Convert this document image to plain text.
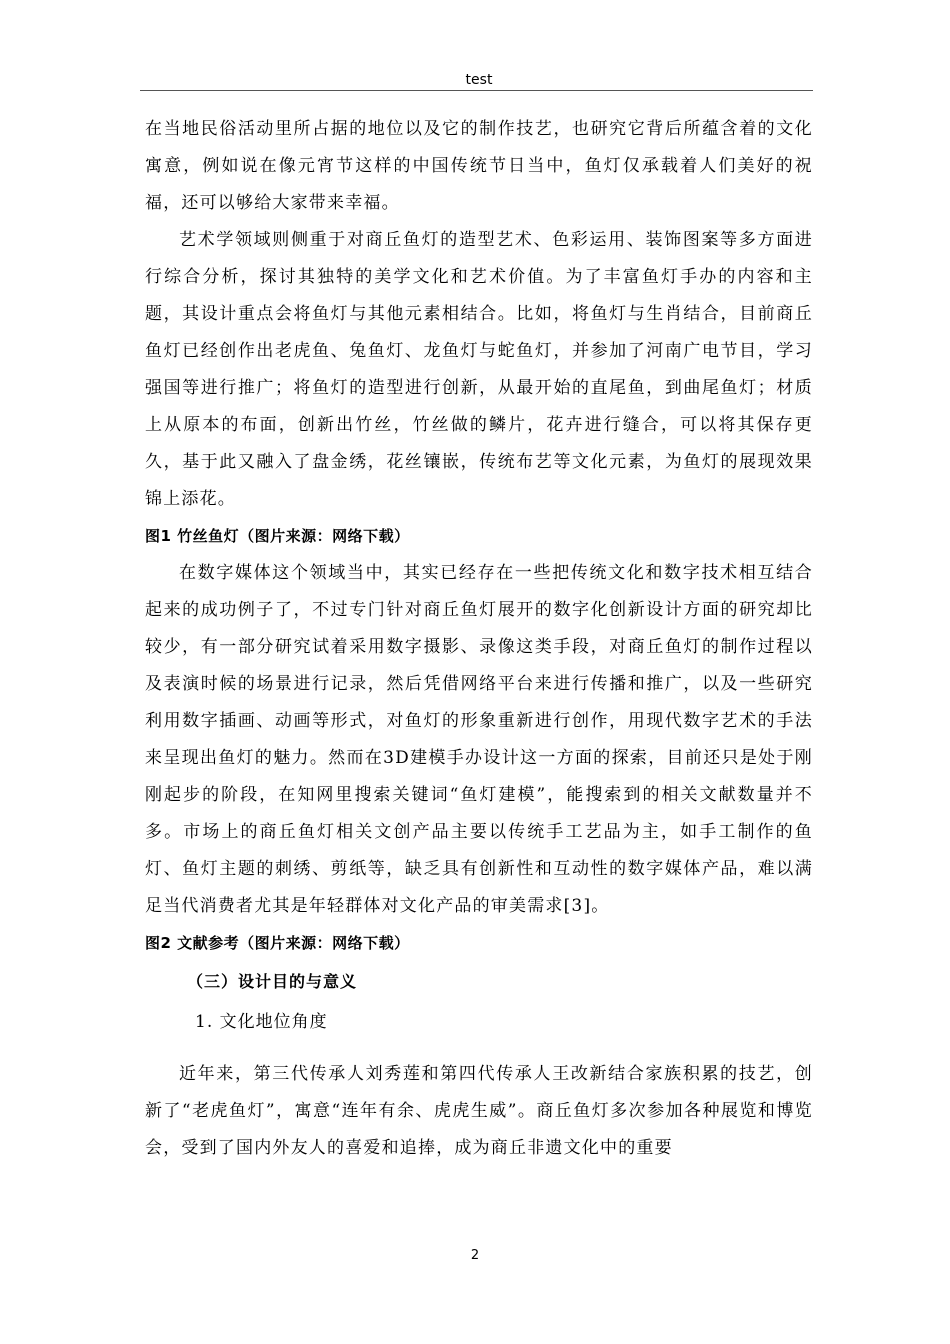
test

在当地民俗活动里所占据的地位以及它的制作技艺，也研究它背后所蕴含着的文化寓意，例如说在像元宵节这样的中国传统节日当中，鱼灯仅承载着人们美好的祝福，还可以够给大家带来幸福。

艺术学领域则侧重于对商丘鱼灯的造型艺术、色彩运用、装饰图案等多方面进行综合分析，探讨其独特的美学文化和艺术价值。为了丰富鱼灯手办的内容和主题，其设计重点会将鱼灯与其他元素相结合。比如，将鱼灯与生肖结合，目前商丘鱼灯已经创作出老虎鱼、兔鱼灯、龙鱼灯与蛇鱼灯，并参加了河南广电节目，学习强国等进行推广；将鱼灯的造型进行创新，从最开始的直尾鱼，到曲尾鱼灯；材质上从原本的布面，创新出竹丝，竹丝做的鳞片，花卉进行缝合，可以将其保存更久，基于此又融入了盘金绣，花丝镶嵌，传统布艺等文化元素，为鱼灯的展现效果锦上添花。

图1 竹丝鱼灯（图片来源：网络下载）

在数字媒体这个领域当中，其实已经存在一些把传统文化和数字技术相互结合起来的成功例子了，不过专门针对商丘鱼灯展开的数字化创新设计方面的研究却比较少，有一部分研究试着采用数字摄影、录像这类手段，对商丘鱼灯的制作过程以及表演时候的场景进行记录，然后凭借网络平台来进行传播和推广，以及一些研究利用数字插画、动画等形式，对鱼灯的形象重新进行创作，用现代数字艺术的手法来呈现出鱼灯的魅力。然而在3D建模手办设计这一方面的探索，目前还只是处于刚刚起步的阶段，在知网里搜索关键词“鱼灯建模”，能搜索到的相关文献数量并不多。市场上的商丘鱼灯相关文创产品主要以传统手工艺品为主，如手工制作的鱼灯、鱼灯主题的刺绣、剪纸等，缺乏具有创新性和互动性的数字媒体产品，难以满足当代消费者尤其是年轻群体对文化产品的审美需求[3]。

图2 文献参考（图片来源：网络下载）

（三）设计目的与意义

1. 文化地位角度

近年来，第三代传承人刘秀莲和第四代传承人王改新结合家族积累的技艺，创新了“老虎鱼灯”，寓意“连年有余、虎虎生威”。商丘鱼灯多次参加各种展览和博览会，受到了国内外友人的喜爱和追捧，成为商丘非遗文化中的重要

2
